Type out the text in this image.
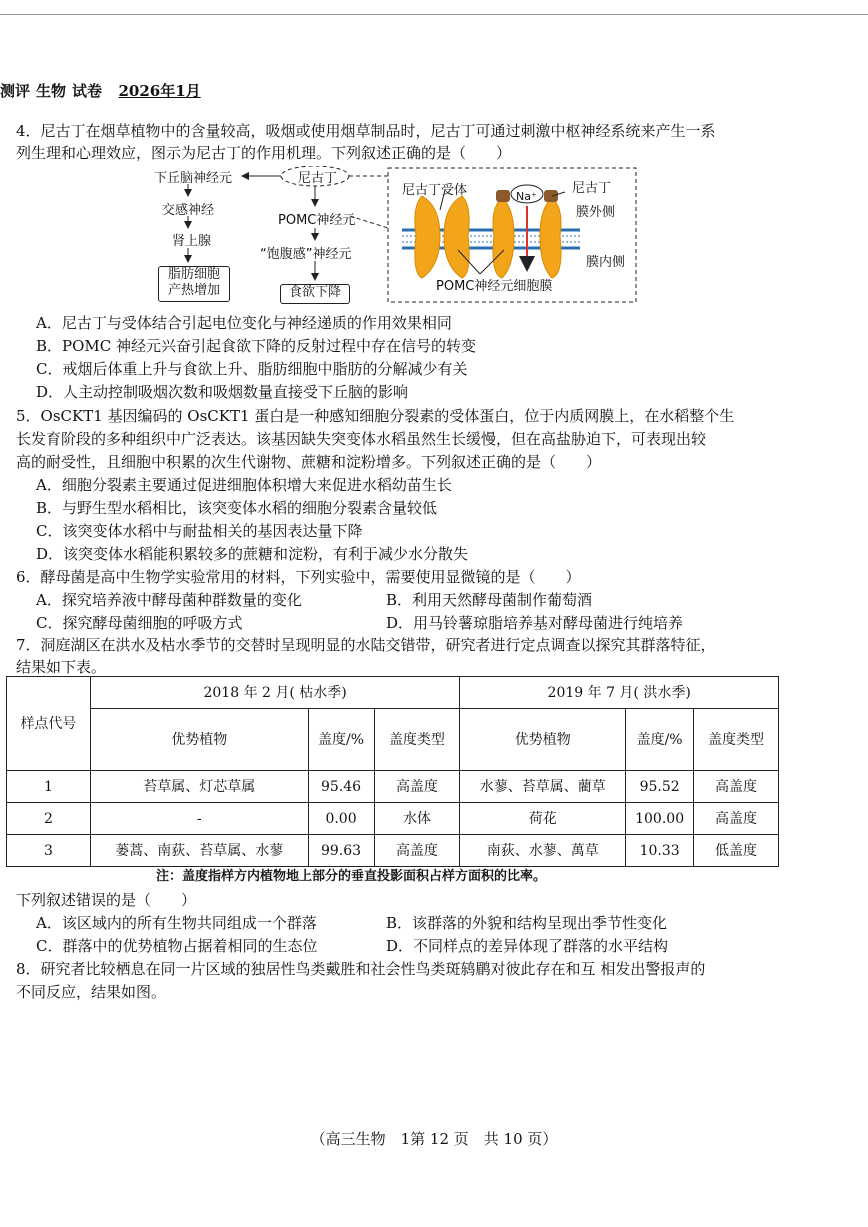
测评 生物 试卷 2026年1月
4．尼古丁在烟草植物中的含量较高，吸烟或使用烟草制品时，尼古丁可通过刺激中枢神经系统来产生一系
列生理和心理效应，图示为尼古丁的作用机理。下列叙述正确的是（　　）
下丘脑神经元	尼古丁
交感神经
肾上腺
脂肪细胞
产热增加
POMC神经元
“饱腹感”神经元
食欲下降
尼古丁受体	Na⁺
尼古丁
膜外侧
膜内侧
POMC神经元细胞膜
A．尼古丁与受体结合引起电位变化与神经递质的作用效果相同
B．POMC 神经元兴奋引起食欲下降的反射过程中存在信号的转变
C．戒烟后体重上升与食欲上升、脂肪细胞中脂肪的分解减少有关
D．人主动控制吸烟次数和吸烟数量直接受下丘脑的影响
5．OsCKT1 基因编码的 OsCKT1 蛋白是一种感知细胞分裂素的受体蛋白，位于内质网膜上，在水稻整个生
长发育阶段的多种组织中广泛表达。该基因缺失突变体水稻虽然生长缓慢，但在高盐胁迫下，可表现出较
高的耐受性，且细胞中积累的次生代谢物、蔗糖和淀粉增多。下列叙述正确的是（　　）
A．细胞分裂素主要通过促进细胞体积增大来促进水稻幼苗生长
B．与野生型水稻相比，该突变体水稻的细胞分裂素含量较低
C．该突变体水稻中与耐盐相关的基因表达量下降
D．该突变体水稻能积累较多的蔗糖和淀粉，有利于减少水分散失
6．酵母菌是高中生物学实验常用的材料，下列实验中，需要使用显微镜的是（　　）
A．探究培养液中酵母菌种群数量的变化	B．利用天然酵母菌制作葡萄酒
C．探究酵母菌细胞的呼吸方式	D．用马铃薯琼脂培养基对酵母菌进行纯培养
7．洞庭湖区在洪水及枯水季节的交替时呈现明显的水陆交错带，研究者进行定点调查以探究其群落特征，
结果如下表。
样点代号	2018 年 2 月( 枯水季)			2019 年 7 月( 洪水季)		
	优势植物	盖度/%	盖度类型	优势植物	盖度/%	盖度类型
1	苔草属、灯芯草属	95.46	高盖度	水蓼、苔草属、藺草	95.52	高盖度
2	-	0.00	水体	荷花	100.00	高盖度
3	蒌蒿、南荻、苔草属、水蓼	99.63	高盖度	南荻、水蓼、萬草	10.33	低盖度
注：盖度指样方内植物地上部分的垂直投影面积占样方面积的比率。
下列叙述错误的是（　　）
A．该区域内的所有生物共同组成一个群落	B．该群落的外貌和结构呈现出季节性变化
C．群落中的优势植物占据着相同的生态位	D．不同样点的差异体现了群落的水平结构
8．研究者比较栖息在同一片区域的独居性鸟类戴胜和社会性鸟类斑鸫鹛对彼此存在和互 相发出警报声的
不同反应，结果如图。
（高三生物　1第 12 页　共 10 页）
